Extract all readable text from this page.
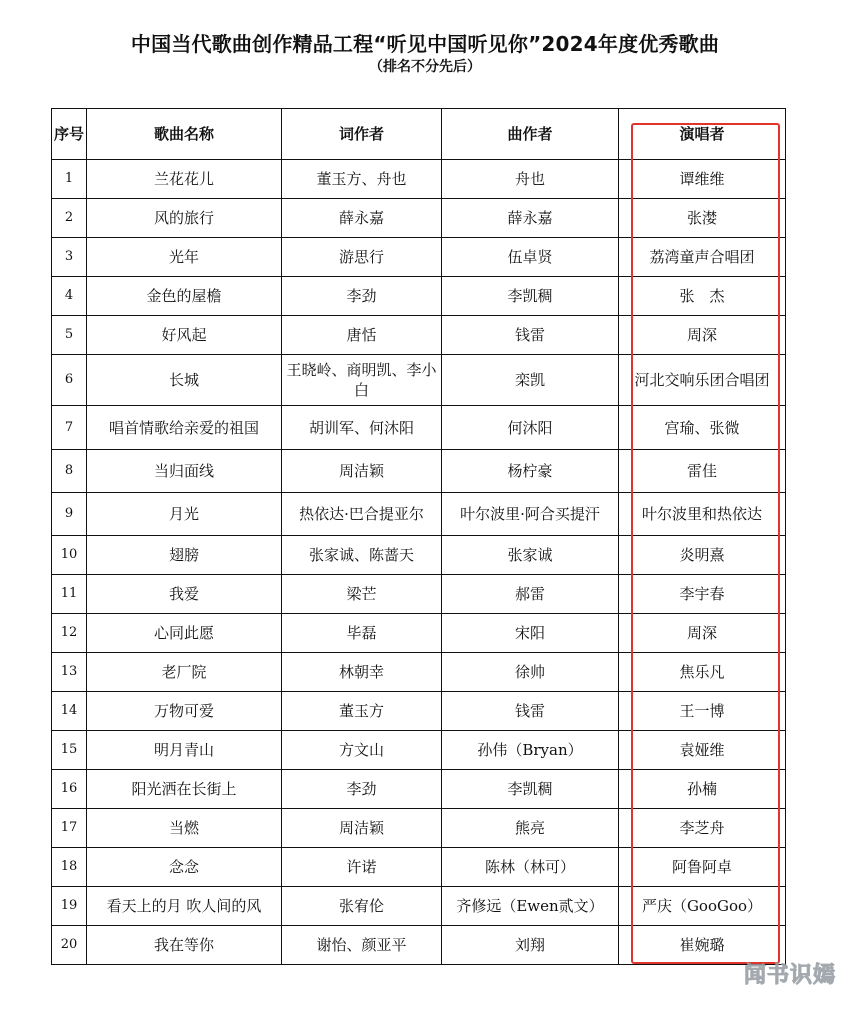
中国当代歌曲创作精品工程“听见中国听见你”2024年度优秀歌曲
（排名不分先后）
序号	歌曲名称	词作者	曲作者	演唱者
1	兰花花儿	董玉方、舟也	舟也	谭维维
2	风的旅行	薛永嘉	薛永嘉	张漤
3	光年	游思行	伍卓贤	荔湾童声合唱团
4	金色的屋檐	李劲	李凯稠	张　杰
5	好风起	唐恬	钱雷	周深
6	长城	王晓岭、商明凯、李小白	栾凯	河北交响乐团合唱团
7	唱首情歌给亲爱的祖国	胡训军、何沐阳	何沐阳	宫瑜、张微
8	当归面线	周洁颖	杨柠豪	雷佳
9	月光	热依达·巴合提亚尔	叶尔波里·阿合买提汗	叶尔波里和热依达
10	翅膀	张家诚、陈蔷天	张家诚	炎明熹
11	我爱	梁芒	郝雷	李宇春
12	心同此愿	毕磊	宋阳	周深
13	老厂院	林朝幸	徐帅	焦乐凡
14	万物可爱	董玉方	钱雷	王一博
15	明月青山	方文山	孙伟（Bryan）	袁娅维
16	阳光洒在长街上	李劲	李凯稠	孙楠
17	当燃	周洁颖	熊亮	李芝舟
18	念念	许诺	陈林（林可）	阿鲁阿卓
19	看天上的月 吹人间的风	张宥伦	齐修远（Ewen贰文）	严庆（GooGoo）
20	我在等你	谢怡、颜亚平	刘翔	崔婉璐
闻书识嫣
